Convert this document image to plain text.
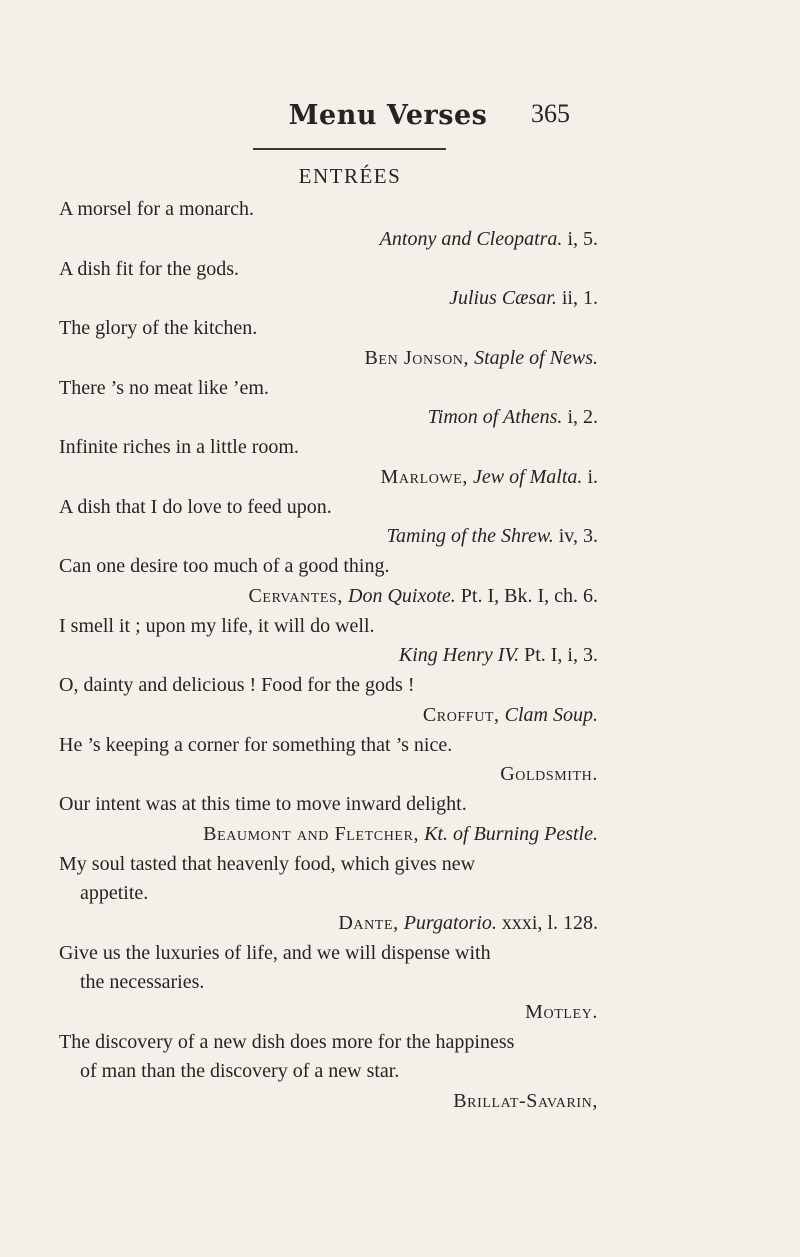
Menu Verses	365
ENTRÉES
A morsel for a monarch.
Antony and Cleopatra. i, 5.
A dish fit for the gods.
Julius Cæsar. ii, 1.
The glory of the kitchen.
Ben Jonson, Staple of News.
There ’s no meat like ’em.
Timon of Athens. i, 2.
Infinite riches in a little room.
Marlowe, Jew of Malta. i.
A dish that I do love to feed upon.
Taming of the Shrew. iv, 3.
Can one desire too much of a good thing.
Cervantes, Don Quixote. Pt. I, Bk. I, ch. 6.
I smell it ; upon my life, it will do well.
King Henry IV. Pt. I, i, 3.
O, dainty and delicious ! Food for the gods !
Croffut, Clam Soup.
He ’s keeping a corner for something that ’s nice.
Goldsmith.
Our intent was at this time to move inward delight.
Beaumont and Fletcher, Kt. of Burning Pestle.
My soul tasted that heavenly food, which gives new
appetite.
Dante, Purgatorio. xxxi, l. 128.
Give us the luxuries of life, and we will dispense with
the necessaries.
Motley.
The discovery of a new dish does more for the happiness
of man than the discovery of a new star.
Brillat-Savarin,
